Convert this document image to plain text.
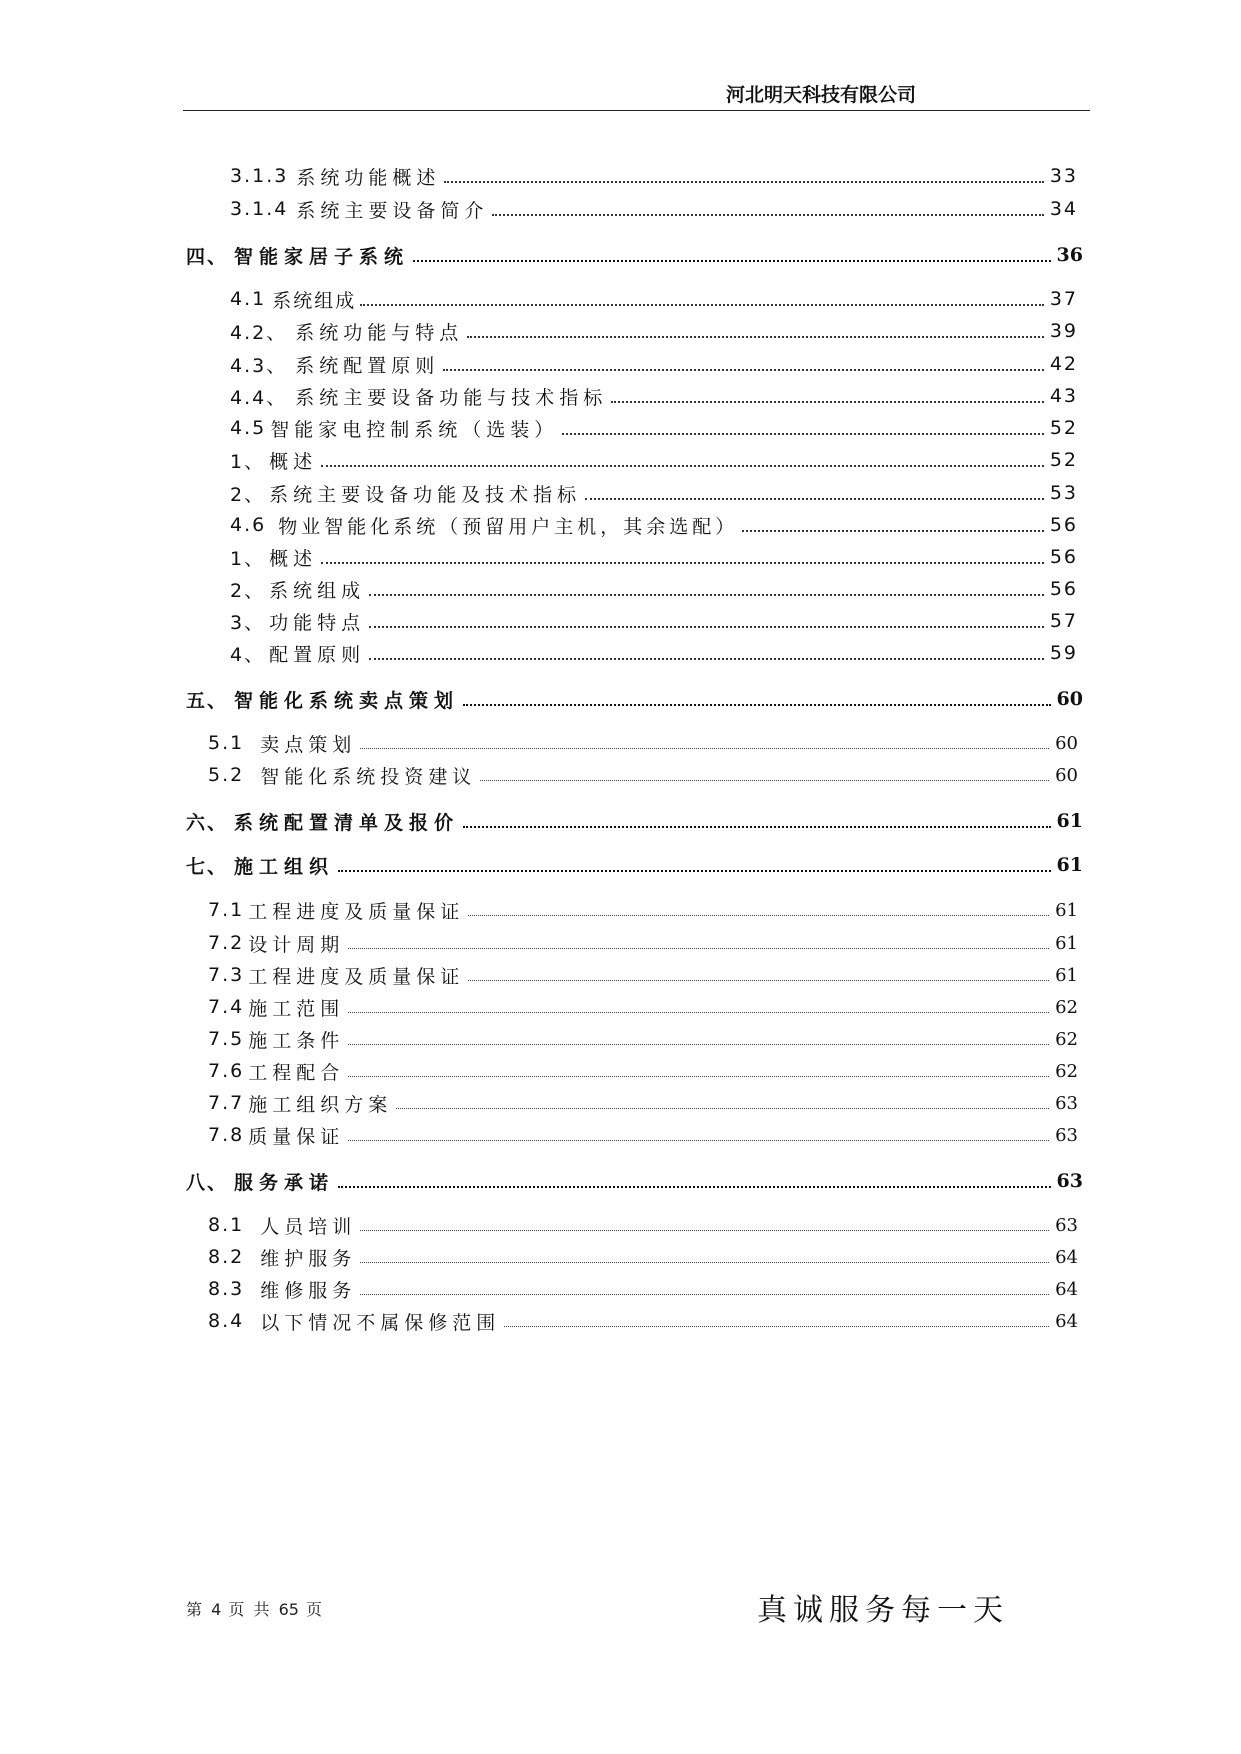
河北明天科技有限公司
3.1.3 系统功能概述	33
3.1.4 系统主要设备简介	34
四、 智能家居子系统	36
4.1 系统组成	37
4.2、 系统功能与特点	39
4.3、 系统配置原则	42
4.4、 系统主要设备功能与技术指标	43
4.5 智能家电控制系统（选装）	52
1、 概述	52
2、 系统主要设备功能及技术指标	53
4.6 物业智能化系统（预留用户主机，其余选配）	56
1、 概述	56
2、 系统组成	56
3、 功能特点	57
4、 配置原则	59
五、 智能化系统卖点策划	60
5.1 卖点策划	60
5.2 智能化系统投资建议	60
六、 系统配置清单及报价	61
七、 施工组织	61
7.1 工程进度及质量保证	61
7.2 设计周期	61
7.3 工程进度及质量保证	61
7.4 施工范围	62
7.5 施工条件	62
7.6 工程配合	62
7.7 施工组织方案	63
7.8 质量保证	63
八、 服务承诺	63
8.1 人员培训	63
8.2 维护服务	64
8.3 维修服务	64
8.4 以下情况不属保修范围	64
第 4 页 共 65 页	真诚服务每一天
